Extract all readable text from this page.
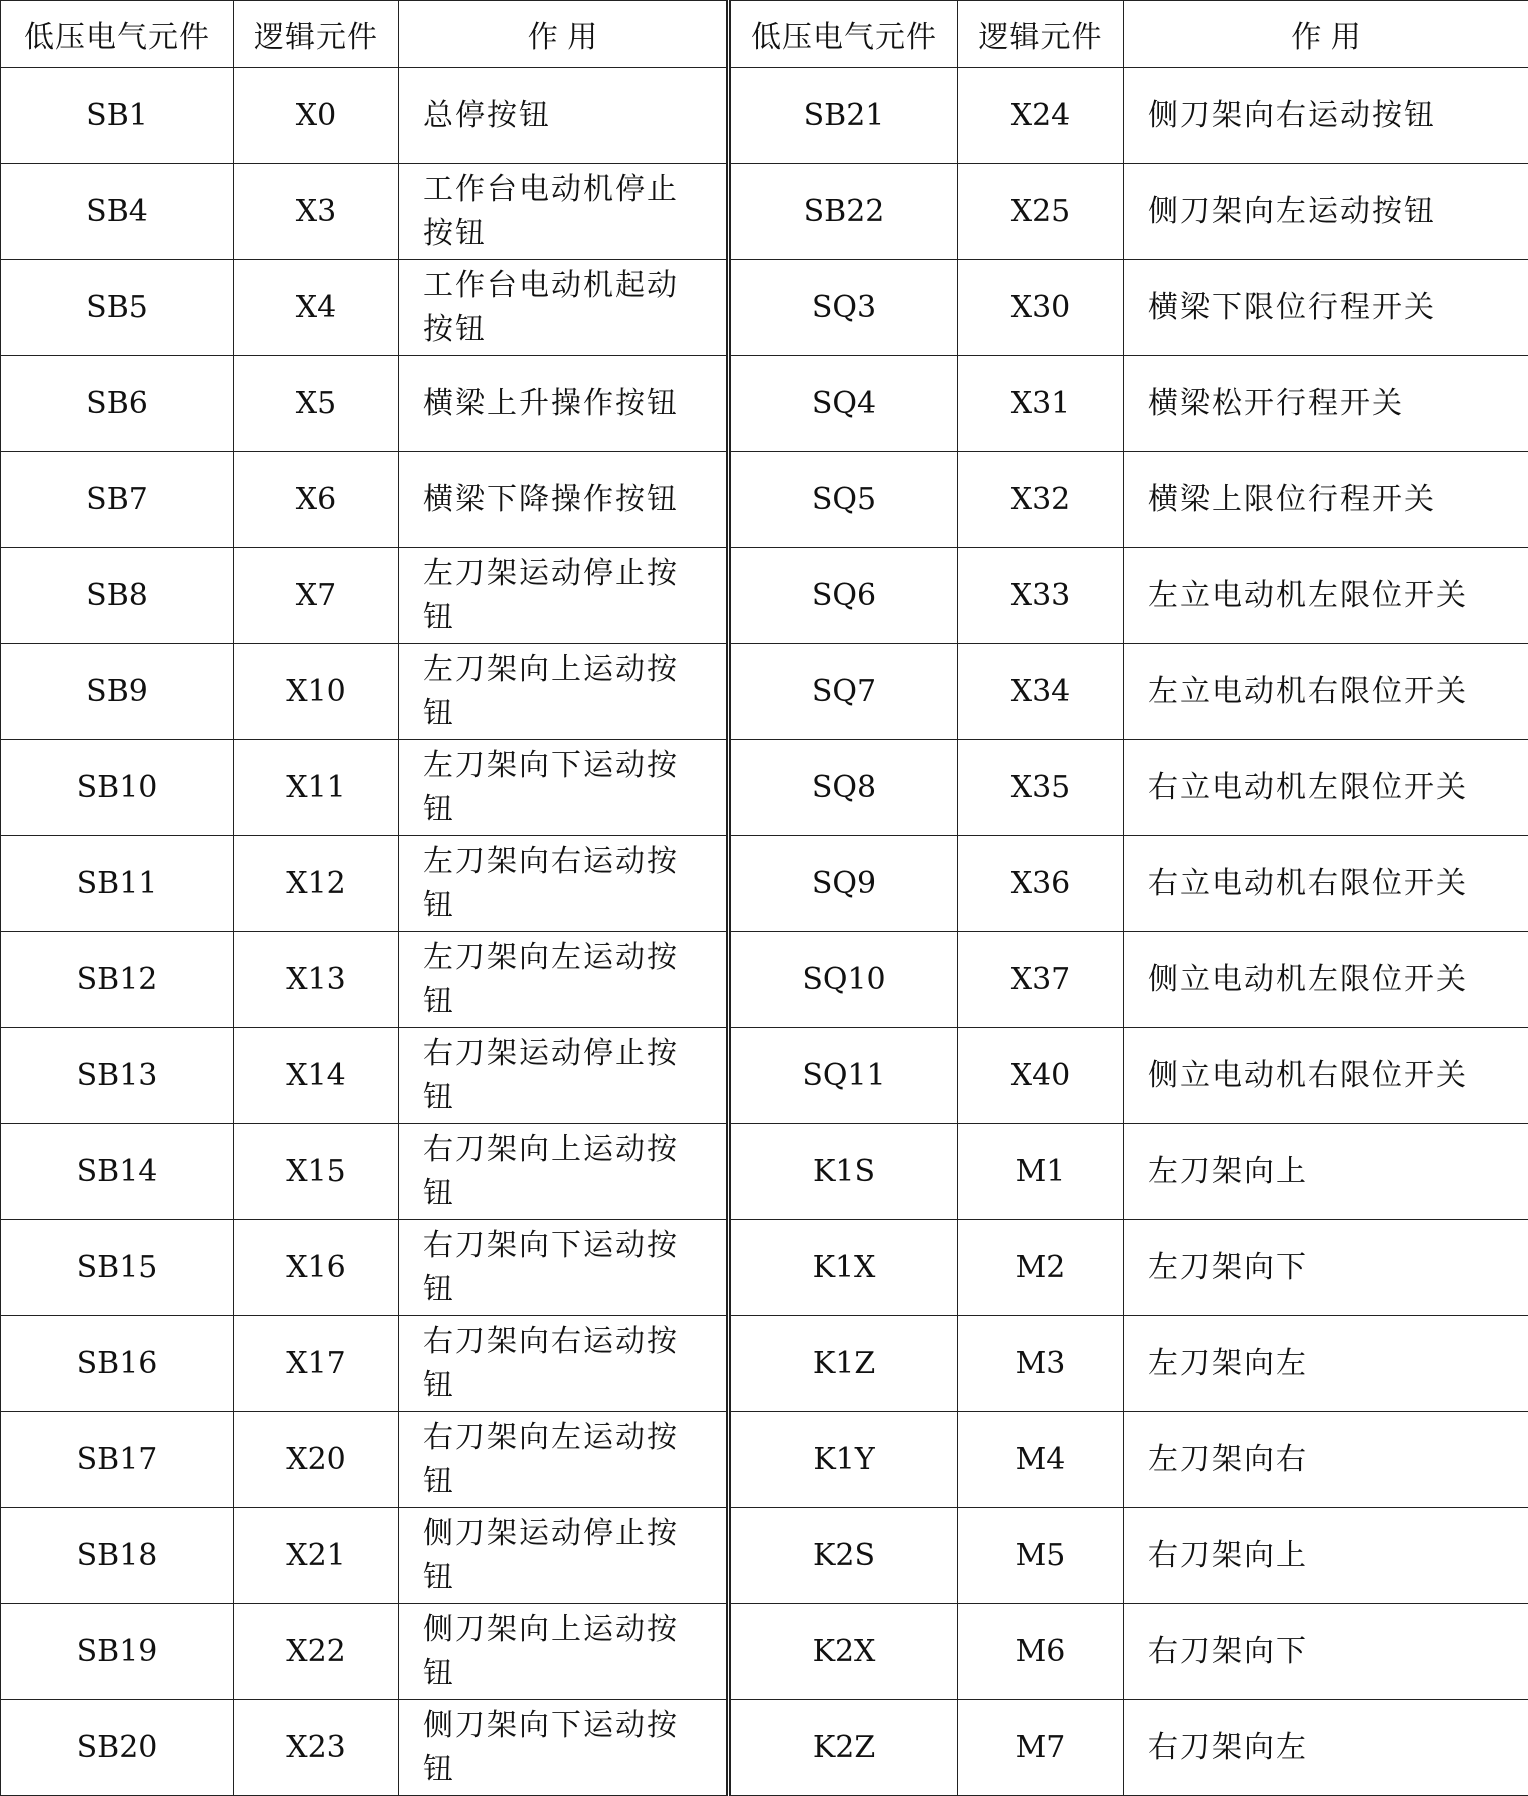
低压电气元件	逻辑元件	作 用	低压电气元件	逻辑元件	作 用
SB1	X0	总停按钮	SB21	X24	侧刀架向右运动按钮
SB4	X3	工作台电动机停止按钮	SB22	X25	侧刀架向左运动按钮
SB5	X4	工作台电动机起动按钮	SQ3	X30	横梁下限位行程开关
SB6	X5	横梁上升操作按钮	SQ4	X31	横梁松开行程开关
SB7	X6	横梁下降操作按钮	SQ5	X32	横梁上限位行程开关
SB8	X7	左刀架运动停止按钮	SQ6	X33	左立电动机左限位开关
SB9	X10	左刀架向上运动按钮	SQ7	X34	左立电动机右限位开关
SB10	X11	左刀架向下运动按钮	SQ8	X35	右立电动机左限位开关
SB11	X12	左刀架向右运动按钮	SQ9	X36	右立电动机右限位开关
SB12	X13	左刀架向左运动按钮	SQ10	X37	侧立电动机左限位开关
SB13	X14	右刀架运动停止按钮	SQ11	X40	侧立电动机右限位开关
SB14	X15	右刀架向上运动按钮	K1S	M1	左刀架向上
SB15	X16	右刀架向下运动按钮	K1X	M2	左刀架向下
SB16	X17	右刀架向右运动按钮	K1Z	M3	左刀架向左
SB17	X20	右刀架向左运动按钮	K1Y	M4	左刀架向右
SB18	X21	侧刀架运动停止按钮	K2S	M5	右刀架向上
SB19	X22	侧刀架向上运动按钮	K2X	M6	右刀架向下
SB20	X23	侧刀架向下运动按钮	K2Z	M7	右刀架向左
